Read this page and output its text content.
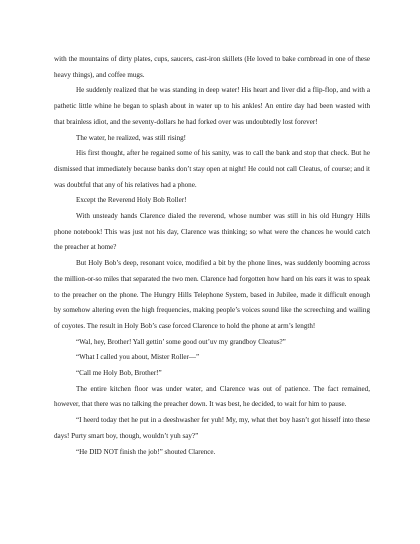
with the mountains of dirty plates, cups, saucers, cast-iron skillets (He loved to bake cornbread in one of these heavy things), and coffee mugs.

He suddenly realized that he was standing in deep water! His heart and liver did a flip-flop, and with a pathetic little whine he began to splash about in water up to his ankles! An entire day had been wasted with that brainless idiot, and the seventy-dollars he had forked over was undoubtedly lost forever!

The water, he realized, was still rising!

His first thought, after he regained some of his sanity, was to call the bank and stop that check. But he dismissed that immediately because banks don’t stay open at night! He could not call Cleatus, of course; and it was doubtful that any of his relatives had a phone.

Except the Reverend Holy Bob Roller!

With unsteady hands Clarence dialed the reverend, whose number was still in his old Hungry Hills phone notebook! This was just not his day, Clarence was thinking; so what were the chances he would catch the preacher at home?

But Holy Bob’s deep, resonant voice, modified a bit by the phone lines, was suddenly booming across the million-or-so miles that separated the two men. Clarence had forgotten how hard on his ears it was to speak to the preacher on the phone. The Hungry Hills Telephone System, based in Jubilee, made it difficult enough by somehow altering even the high frequencies, making people’s voices sound like the screeching and wailing of coyotes. The result in Holy Bob’s case forced Clarence to hold the phone at arm’s length!

“Wal, hey, Brother! Yall gettin’ some good out’uv my grandboy Cleatus?”

“What I called you about, Mister Roller—”

“Call me Holy Bob, Brother!”

The entire kitchen floor was under water, and Clarence was out of patience. The fact remained, however, that there was no talking the preacher down. It was best, he decided, to wait for him to pause.

“I heerd today thet he put in a deeshwasher fer yuh! My, my, what thet boy hasn’t got hisself into these days! Purty smart boy, though, wouldn’t yuh say?”

“He DID NOT finish the job!” shouted Clarence.
